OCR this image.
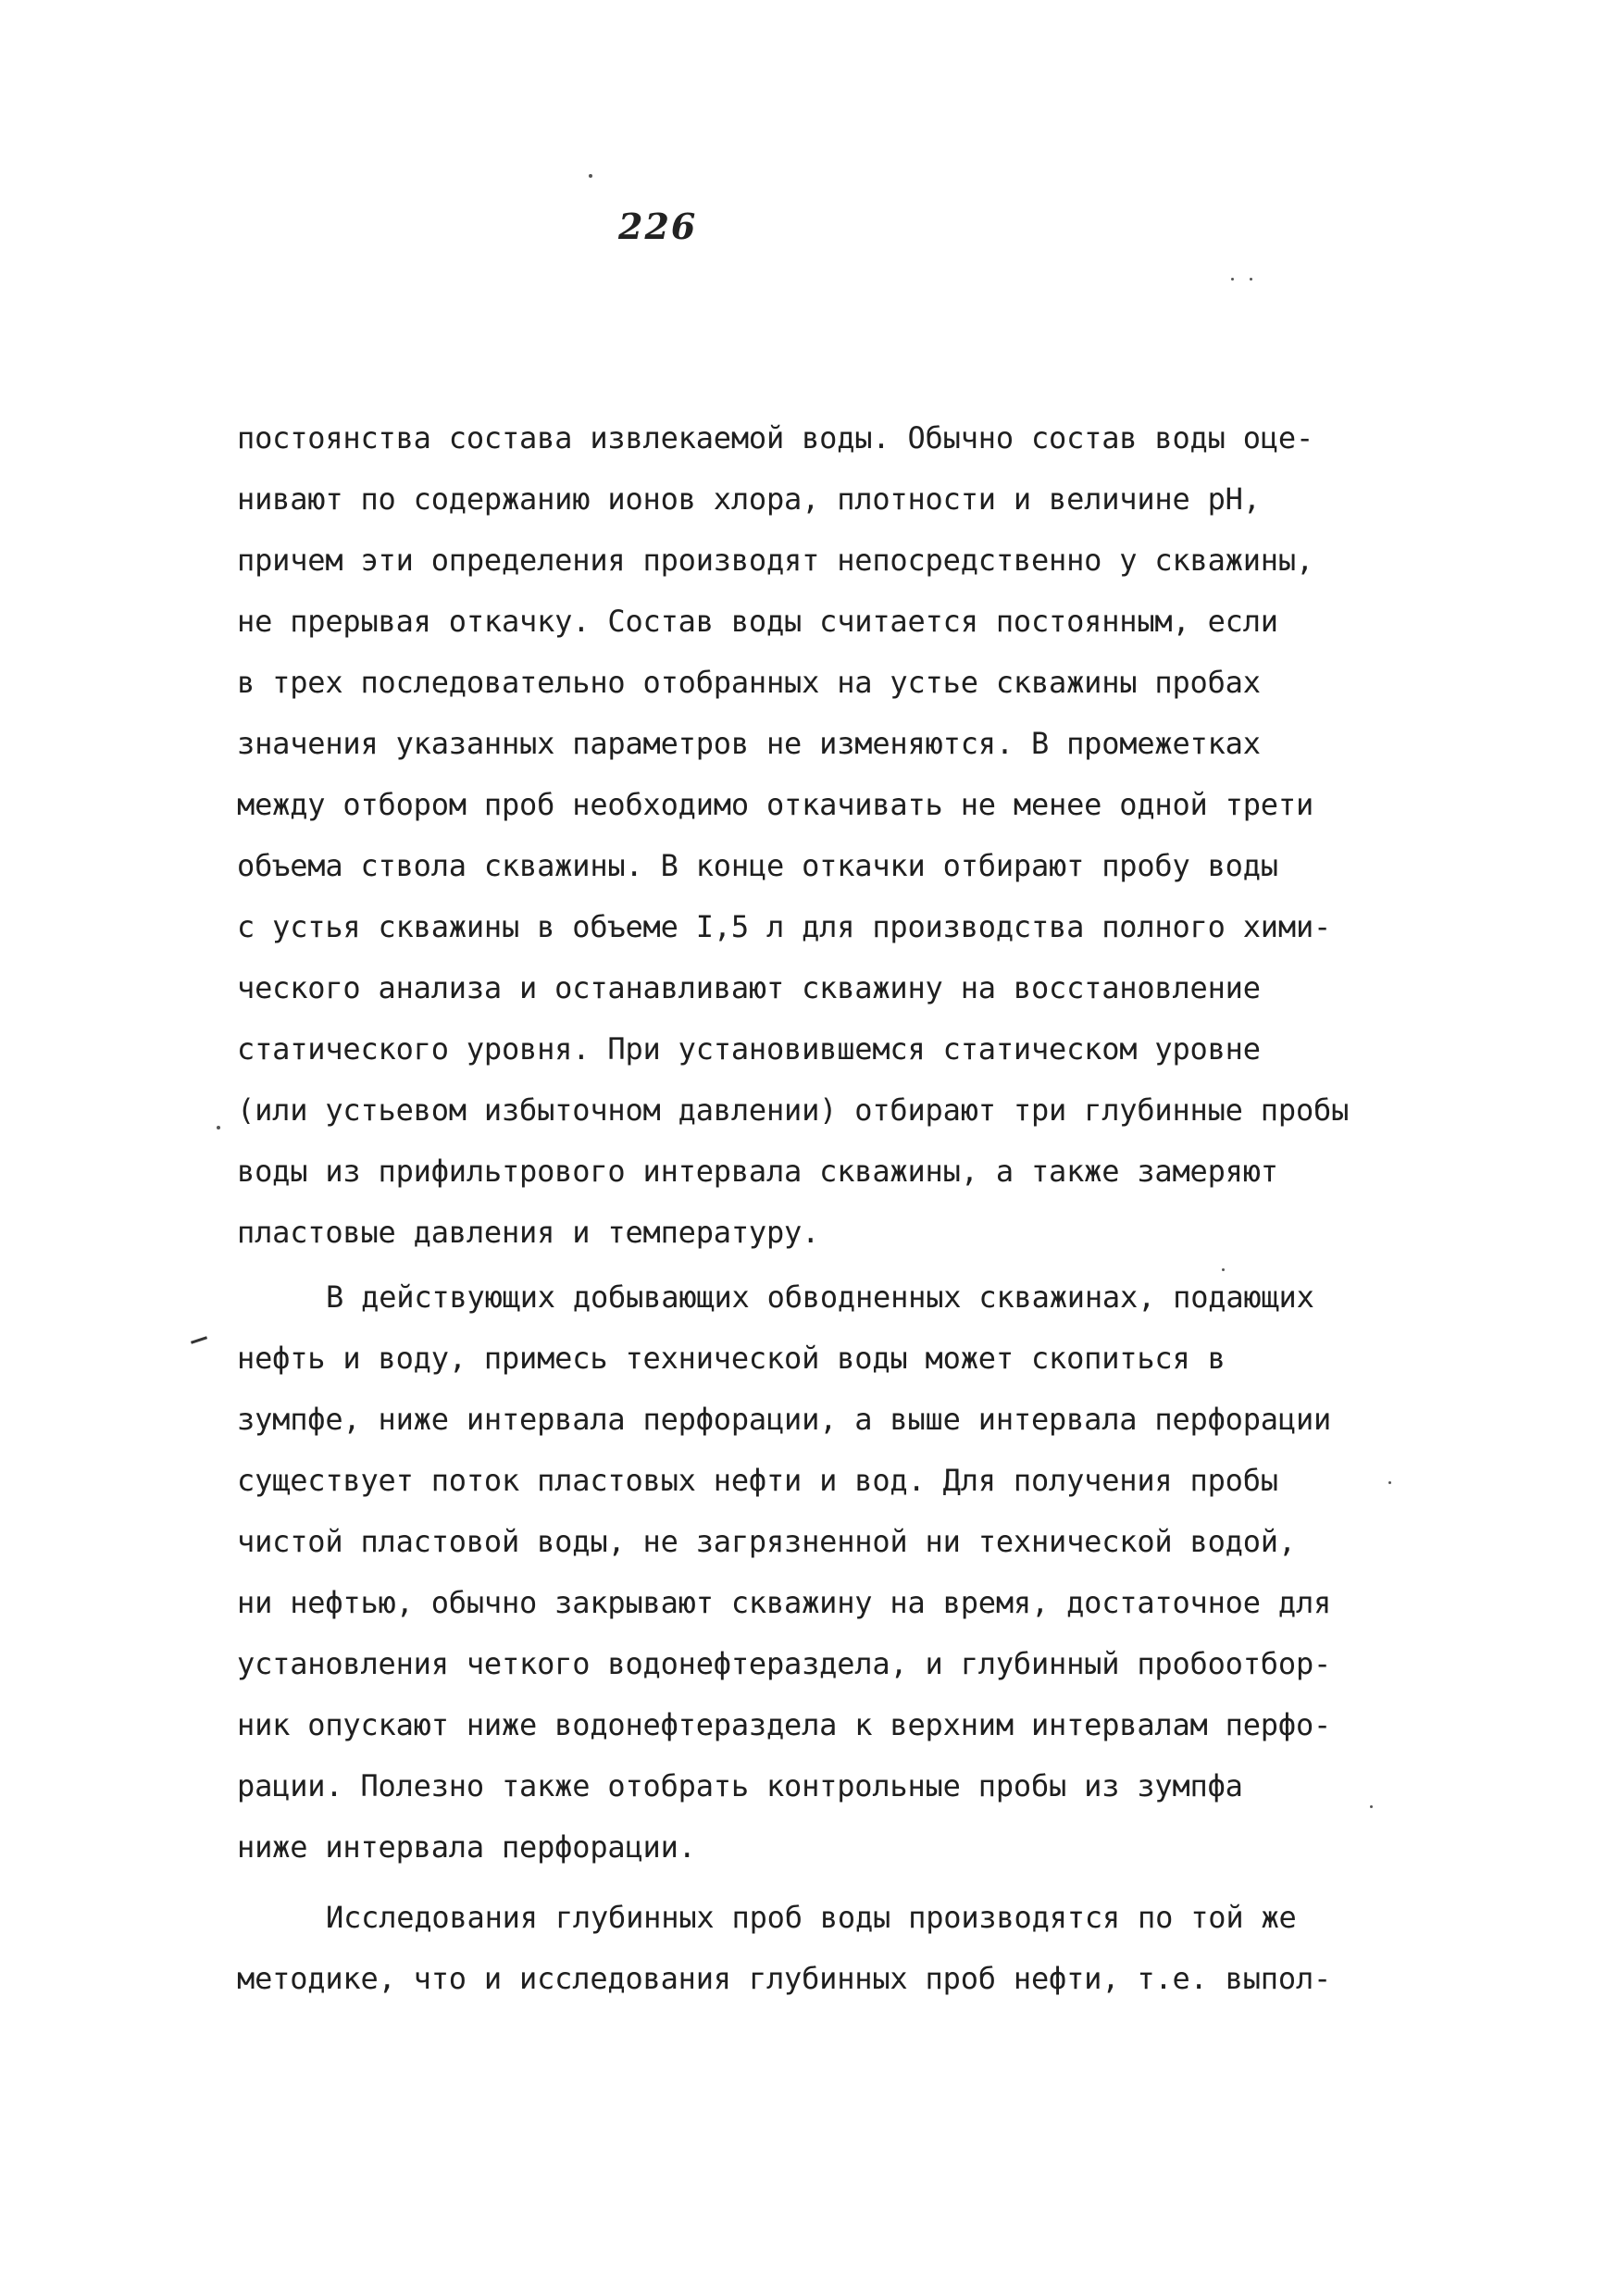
226
постоянства состава извлекаемой воды. Обычно состав воды оце-
нивают по содержанию ионов хлора, плотности и величине pH,
причем эти определения производят непосредственно у скважины,
не прерывая откачку. Состав воды считается постоянным, если
в трех последовательно отобранных на устье скважины пробах
значения указанных параметров не изменяются. В промежетках
между отбором проб необходимо откачивать не менее одной трети
объема ствола скважины. В конце откачки отбирают пробу воды
с устья скважины в объеме I,5 л для производства полного хими-
ческого анализа и останавливают скважину на восстановление
статического уровня. При установившемся статическом уровне
(или устьевом избыточном давлении) отбирают три глубинные пробы
воды из прифильтрового интервала скважины, а также замеряют
пластовые давления и температуру.
В действующих добывающих обводненных скважинах, подающих
нефть и воду, примесь технической воды может скопиться в
зумпфе, ниже интервала перфорации, а выше интервала перфорации
существует поток пластовых нефти и вод. Для получения пробы
чистой пластовой воды, не загрязненной ни технической водой,
ни нефтью, обычно закрывают скважину на время, достаточное для
установления четкого водонефтераздела, и глубинный пробоотбор-
ник опускают ниже водонефтераздела к верхним интервалам перфо-
рации. Полезно также отобрать контрольные пробы из зумпфа
ниже интервала перфорации.
Исследования глубинных проб воды производятся по той же
методике, что и исследования глубинных проб нефти, т.е. выпол-
